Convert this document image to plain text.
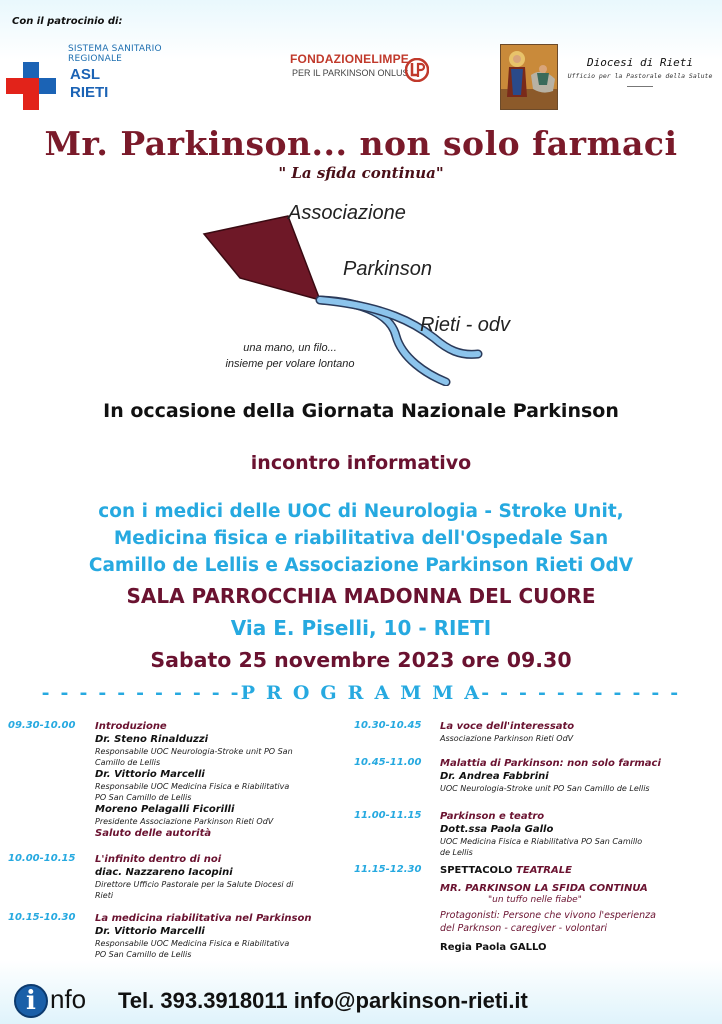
Con il patrocinio di:
SISTEMA SANITARIO REGIONALE
ASL
RIETI
FONDAZIONELIMPE
PER IL PARKINSON ONLUS
Diocesi di Rieti
Ufficio per la Pastorale della Salute
Mr. Parkinson... non solo farmaci
" La sfida continua"
Associazione
Parkinson
Rieti - odv
una mano, un filo...
insieme per volare lontano
In occasione della Giornata Nazionale Parkinson
incontro informativo
con i medici delle UOC di Neurologia - Stroke Unit,
Medicina fisica e riabilitativa dell'Ospedale San
Camillo de Lellis e Associazione Parkinson Rieti OdV
SALA PARROCCHIA MADONNA DEL CUORE
Via E. Piselli, 10 - RIETI
Sabato 25 novembre 2023 ore 09.30
- - - - - - - - - - -P R O G R A M M A- - - - - - - - - - -
09.30-10.00 Introduzione
Dr. Steno Rinalduzzi
Responsabile UOC Neurologia-Stroke unit PO San
Camillo de Lellis
Dr. Vittorio Marcelli
Responsabile UOC Medicina Fisica e Riabilitativa
PO San Camillo de Lellis
Moreno Pelagalli Ficorilli
Presidente Associazione Parkinson Rieti OdV
Saluto delle autorità
10.00-10.15 L'infinito dentro di noi
diac. Nazzareno Iacopini
Direttore Ufficio Pastorale per la Salute Diocesi di
Rieti
10.15-10.30 La medicina riabilitativa nel Parkinson
Dr. Vittorio Marcelli
Responsabile UOC Medicina Fisica e Riabilitativa
PO San Camillo de Lellis
10.30-10.45 La voce dell'interessato
Associazione Parkinson Rieti OdV
10.45-11.00 Malattia di Parkinson: non solo farmaci
Dr. Andrea Fabbrini
UOC Neurologia-Stroke unit PO San Camillo de Lellis
11.00-11.15 Parkinson e teatro
Dott.ssa Paola Gallo
UOC Medicina Fisica e Riabilitativa PO San Camillo
de Lellis
11.15-12.30 SPETTACOLO TEATRALE
MR. PARKINSON LA SFIDA CONTINUA
"un tuffo nelle fiabe"
Protagonisti: Persone che vivono l'esperienza
del Parknson - caregiver - volontari
Regia Paola GALLO
i nfo Tel. 393.3918011 info@parkinson-rieti.it
